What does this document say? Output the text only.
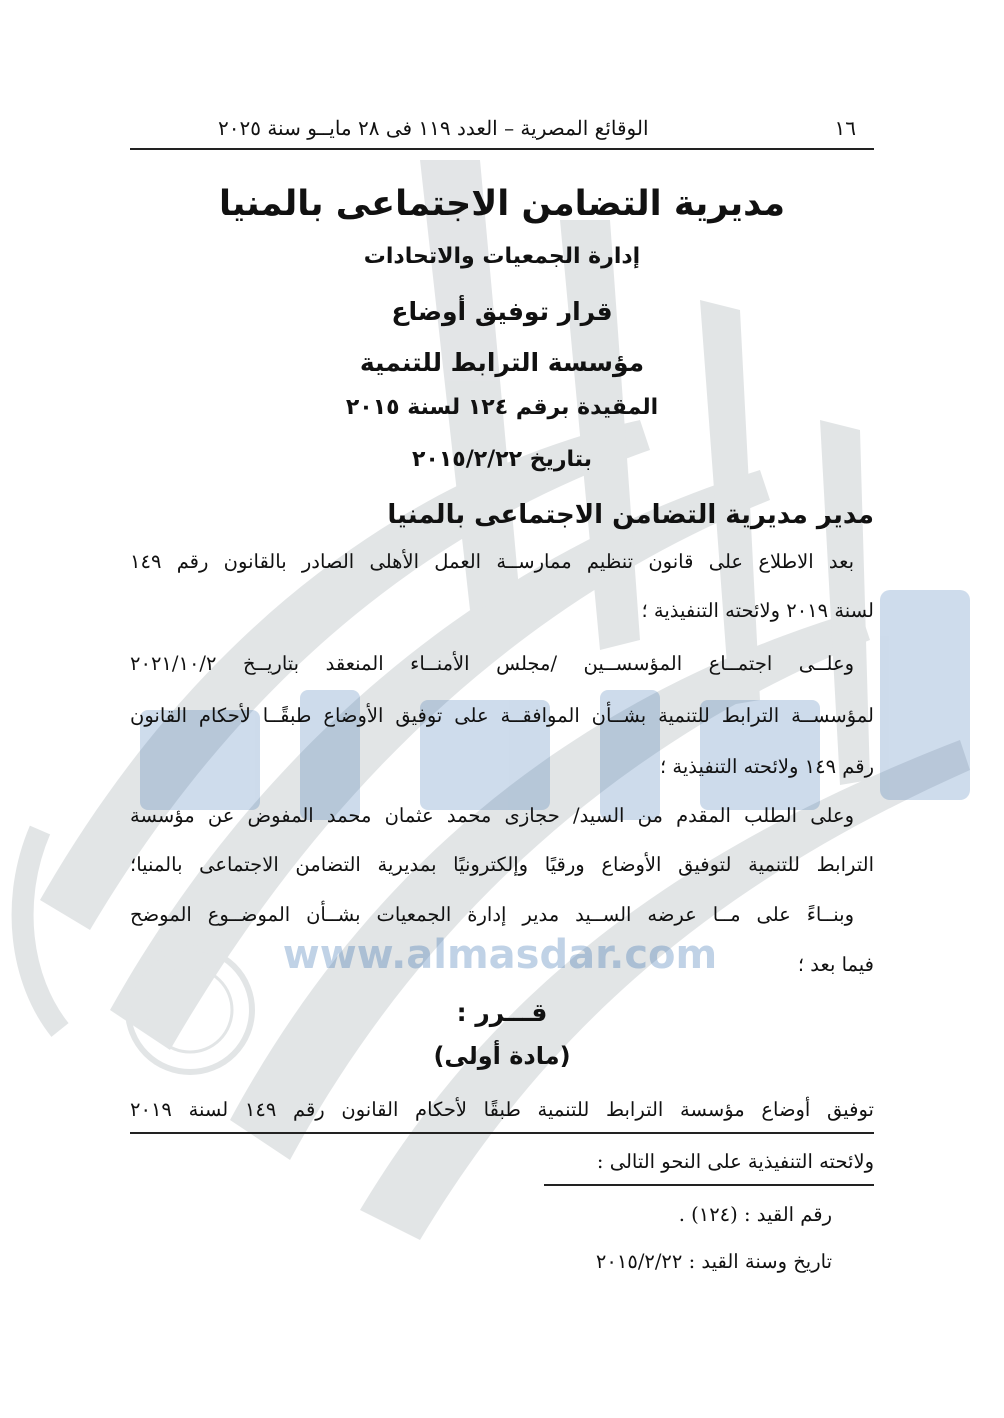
www.almasdar.com
١٦
الوقائع المصرية – العدد ١١٩ فى ٢٨ مايــو سنة ٢٠٢٥
مديرية التضامن الاجتماعى بالمنيا
إدارة الجمعيات والاتحادات
قرار توفيق أوضاع
مؤسسة الترابط للتنمية
المقيدة برقم ١٢٤ لسنة ٢٠١٥
بتاريخ ٢٠١٥/٢/٢٢
مدير مديرية التضامن الاجتماعى بالمنيا
بعد الاطلاع على قانون تنظيم ممارســة العمل الأهلى الصادر بالقانون رقم ١٤٩
لسنة ٢٠١٩ ولائحته التنفيذية ؛
وعلــى اجتمــاع المؤسســين /مجلس الأمنــاء المنعقد بتاريــخ ٢٠٢١/١٠/٢
لمؤسســة الترابط للتنمية بشــأن الموافقــة على توفيق الأوضاع طبقًــا لأحكام القانون
رقم ١٤٩ ولائحته التنفيذية ؛
وعلى الطلب المقدم من السيد/ حجازى محمد عثمان محمد المفوض عن مؤسسة
الترابط للتنمية لتوفيق الأوضاع ورقيًا وإلكترونيًا بمديرية التضامن الاجتماعى بالمنيا؛
وبنــاءً على مــا عرضه الســيد مدير إدارة الجمعيات بشــأن الموضــوع الموضح
فيما بعد ؛
قـــرر :
(مادة أولى)
توفيق أوضاع مؤسسة الترابط للتنمية طبقًا لأحكام القانون رقم ١٤٩ لسنة ٢٠١٩
ولائحته التنفيذية على النحو التالى :
رقم القيد : (١٢٤) .
تاريخ وسنة القيد : ٢٠١٥/٢/٢٢
